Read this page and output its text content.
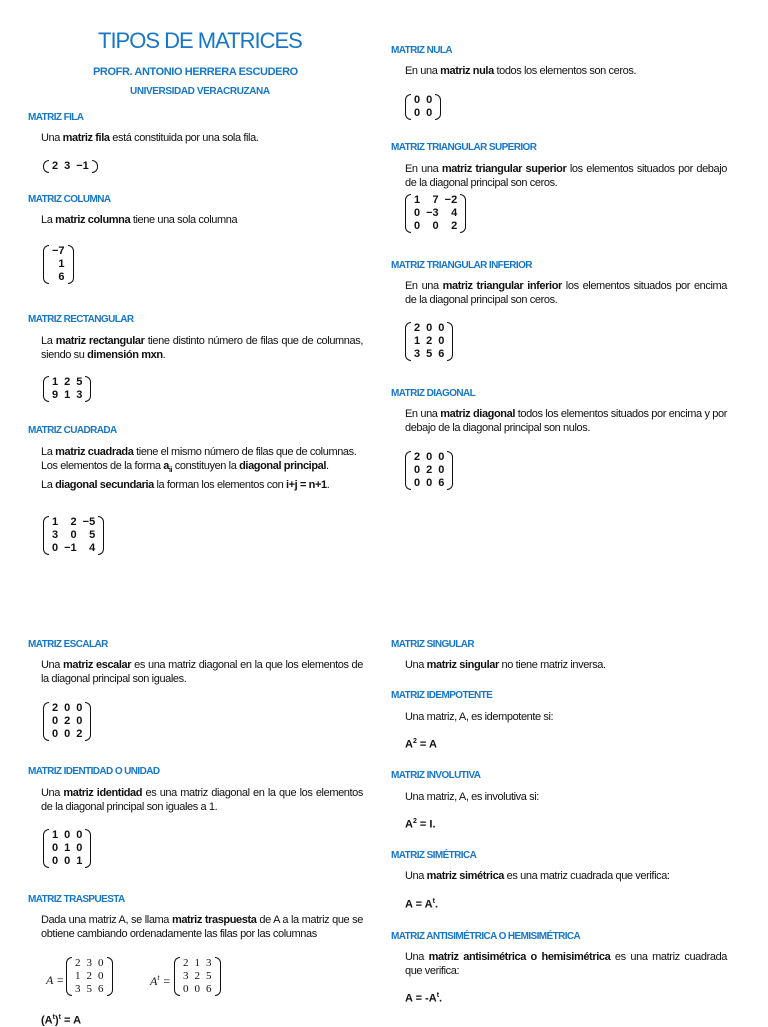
TIPOS DE MATRICES
PROFR. ANTONIO HERRERA ESCUDERO
UNIVERSIDAD VERACRUZANA
MATRIZ FILA
Una matriz fila está constituida por una sola fila.
2	3	−1
MATRIZ COLUMNA
La matriz columna tiene una sola columna
−7
1
6
MATRIZ RECTANGULAR
La matriz rectangular tiene distinto número de filas que de columnas, siendo su dimensión mxn.
1	2	5
9	1	3
MATRIZ CUADRADA
La matriz cuadrada tiene el mismo número de filas que de columnas.
Los elementos de la forma $a_{ii}$ constituyen la diagonal principal.
La diagonal secundaria la forman los elementos con i+j = n+1.
1	2	−5
3	0	5
0	−1	4
MATRIZ NULA
En una matriz nula todos los elementos son ceros.
0	0
0	0
MATRIZ TRIANGULAR SUPERIOR
En una matriz triangular superior los elementos situados por debajo de la diagonal principal son ceros.
1	7	−2
0	−3	4
0	0	2
MATRIZ TRIANGULAR INFERIOR
En una matriz triangular inferior los elementos situados por encima de la diagonal principal son ceros.
2	0	0
1	2	0
3	5	6
MATRIZ DIAGONAL
En una matriz diagonal todos los elementos situados por encima y por debajo de la diagonal principal son nulos.
2	0	0
0	2	0
0	0	6
MATRIZ ESCALAR
Una matriz escalar es una matriz diagonal en la que los elementos de la diagonal principal son iguales.
2	0	0
0	2	0
0	0	2
MATRIZ IDENTIDAD O UNIDAD
Una matriz identidad es una matriz diagonal en la que los elementos de la diagonal principal son iguales a 1.
1	0	0
0	1	0
0	0	1
MATRIZ TRASPUESTA
Dada una matriz A, se llama matriz traspuesta de A a la matriz que se obtiene cambiando ordenadamente las filas por las columnas
A =
2	3	0
1	2	0
3	5	6
$A^t$ =
2	1	3
3	2	5
0	0	6
$(A^t)^t = A$
MATRIZ SINGULAR
Una matriz singular no tiene matriz inversa.
MATRIZ IDEMPOTENTE
Una matriz, A, es idempotente si:
$A^2 = A$
MATRIZ INVOLUTIVA
Una matriz, A, es involutiva si:
$A^2 = I$.
MATRIZ SIMÉTRICA
Una matriz simétrica es una matriz cuadrada que verifica:
$A = A^t$.
MATRIZ ANTISIMÉTRICA O HEMISIMÉTRICA
Una matriz antisimétrica o hemisimétrica es una matriz cuadrada que verifica:
$A = -A^t$.
